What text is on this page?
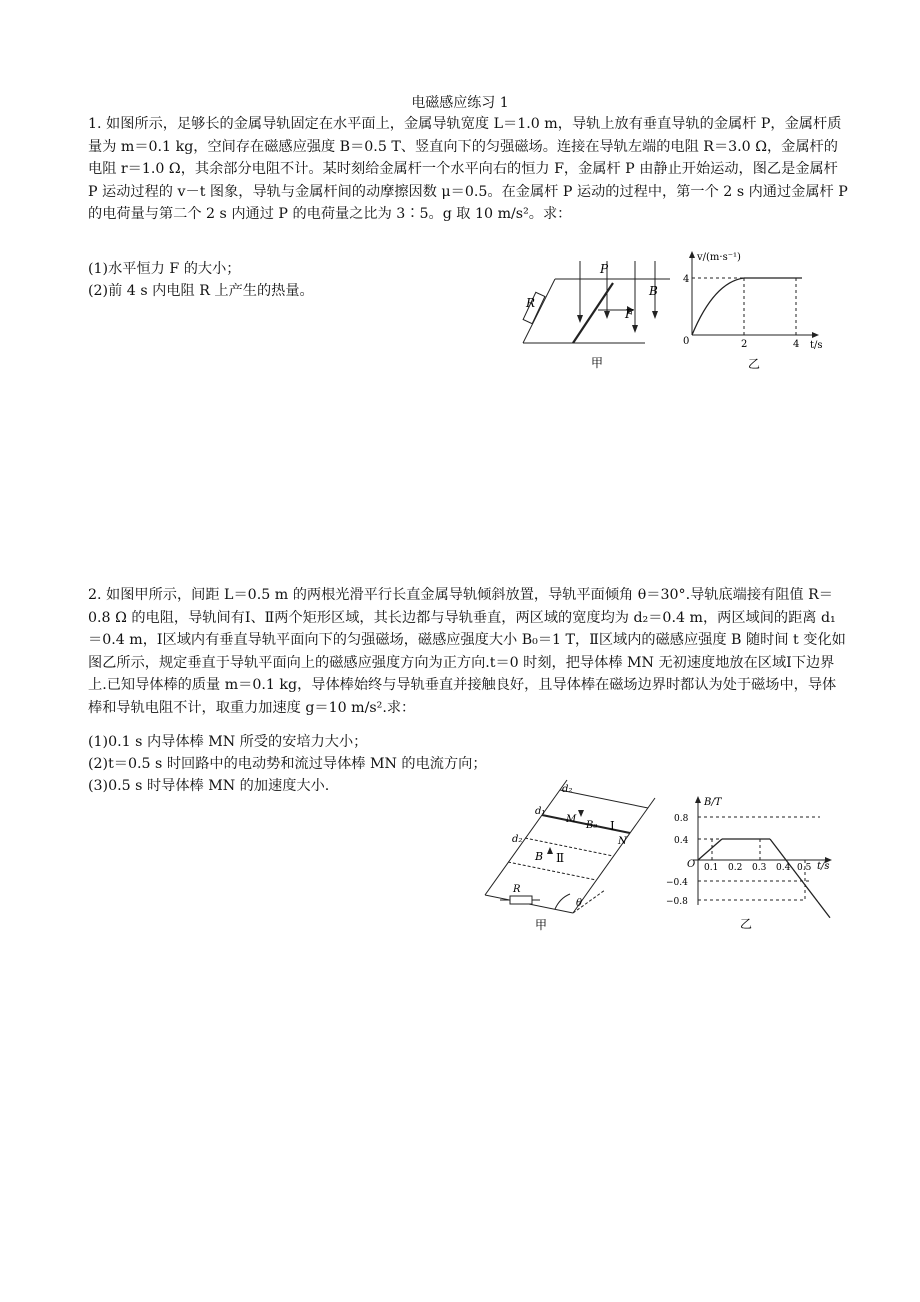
电磁感应练习 1

1. 如图所示，足够长的金属导轨固定在水平面上，金属导轨宽度 L＝1.0 m，导轨上放有垂直导轨的金属杆 P，金属杆质量为 m＝0.1 kg，空间存在磁感应强度 B＝0.5 T、竖直向下的匀强磁场。连接在导轨左端的电阻 R＝3.0 Ω，金属杆的电阻 r＝1.0 Ω，其余部分电阻不计。某时刻给金属杆一个水平向右的恒力 F，金属杆 P 由静止开始运动，图乙是金属杆 P 运动过程的 v－t 图象，导轨与金属杆间的动摩擦因数 μ＝0.5。在金属杆 P 运动的过程中，第一个 2 s 内通过金属杆 P 的电荷量与第二个 2 s 内通过 P 的电荷量之比为 3∶5。g 取 10 m/s²。求：

(1)水平恒力 F 的大小；
(2)前 4 s 内电阻 R 上产生的热量。
P
B
R
F
甲
v/(m·s⁻¹)
t/s
0
4
2	4
乙

2. 如图甲所示，间距 L＝0.5 m 的两根光滑平行长直金属导轨倾斜放置，导轨平面倾角 θ＝30°.导轨底端接有阻值 R＝0.8 Ω 的电阻，导轨间有Ⅰ、Ⅱ两个矩形区域，其长边都与导轨垂直，两区域的宽度均为 d₂＝0.4 m，两区域间的距离 d₁＝0.4 m，Ⅰ区域内有垂直导轨平面向下的匀强磁场，磁感应强度大小 B₀＝1 T，Ⅱ区域内的磁感应强度 B 随时间 t 变化如图乙所示，规定垂直于导轨平面向上的磁感应强度方向为正方向.t＝0 时刻，把导体棒 MN 无初速度地放在区域Ⅰ下边界上.已知导体棒的质量 m＝0.1 kg，导体棒始终与导轨垂直并接触良好，且导体棒在磁场边界时都认为处于磁场中，导体棒和导轨电阻不计，取重力加速度 g＝10 m/s².求：

(1)0.1 s 内导体棒 MN 所受的安培力大小；
(2)t＝0.5 s 时回路中的电动势和流过导体棒 MN 的电流方向；
(3)0.5 s 时导体棒 MN 的加速度大小.	d₂
B₀ Ⅰ
d₁
M
N
d₂
B Ⅱ
R
θ
甲
B/T
t/s
O
0.8
0.4
−0.4
−0.8
0.1 0.2 0.3 0.4 0.5
乙
